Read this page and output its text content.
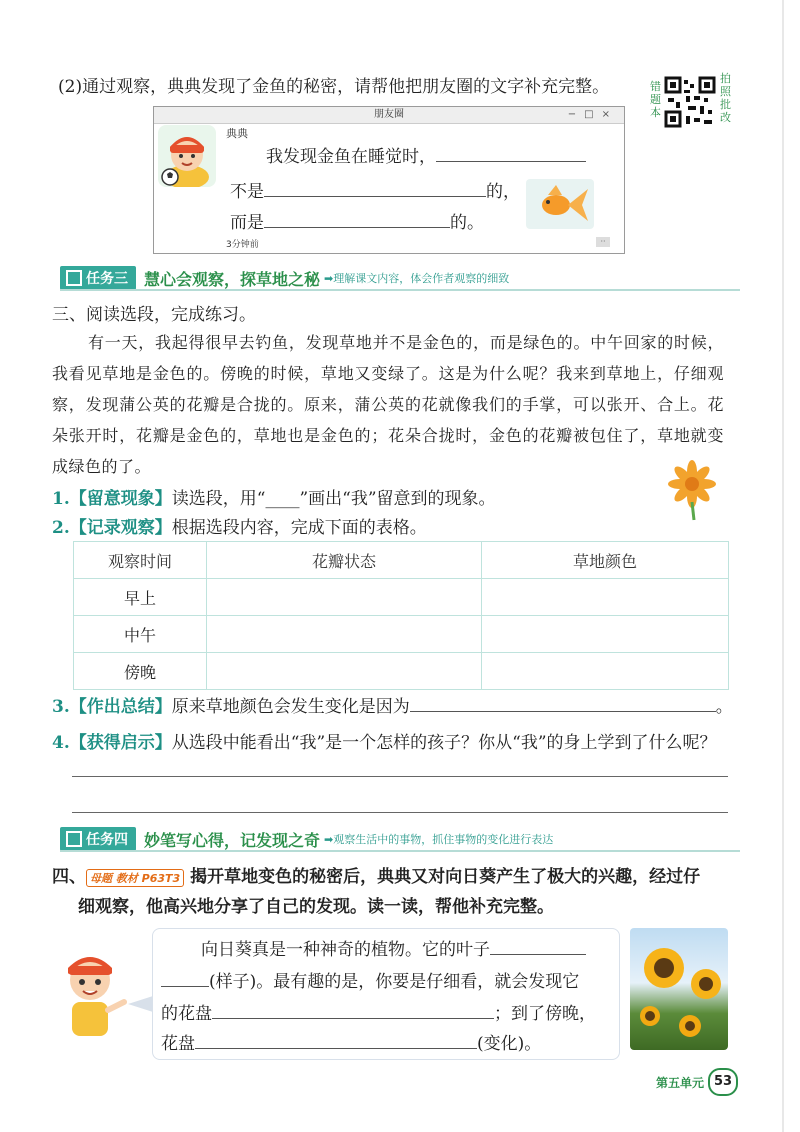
(2)通过观察，典典发现了金鱼的秘密，请帮他把朋友圈的文字补充完整。	错题本
拍照批改
朋友圈	−□×
典典
我发现金鱼在睡觉时，
不是	的，
而是	的。
3分钟前	··
任务三 慧心会观察，探草地之秘 ➡理解课文内容，体会作者观察的细致
三、阅读选段，完成练习。
有一天，我起得很早去钓鱼，发现草地并不是金色的，而是绿色的。中午回家的时候，我看见草地是金色的。傍晚的时候，草地又变绿了。这是为什么呢？我来到草地上，仔细观察，发现蒲公英的花瓣是合拢的。原来，蒲公英的花就像我们的手掌，可以张开、合上。花朵张开时，花瓣是金色的，草地也是金色的；花朵合拢时，金色的花瓣被包住了，草地就变成绿色的了。
1.【留意现象】读选段，用“____”画出“我”留意到的现象。
2.【记录观察】根据选段内容，完成下面的表格。
观察时间	花瓣状态	草地颜色
早上		
中午		
傍晚		
3.【作出总结】原来草地颜色会发生变化是因为	。
4.【获得启示】从选段中能看出“我”是一个怎样的孩子？你从“我”的身上学到了什么呢？
任务四 妙笔写心得，记发现之奇 ➡观察生活中的事物，抓住事物的变化进行表达
四、 母题 教材 P63T3 揭开草地变色的秘密后，典典又对向日葵产生了极大的兴趣，经过仔
细观察，他高兴地分享了自己的发现。读一读，帮他补充完整。
向日葵真是一种神奇的植物。它的叶子
(样子)。最有趣的是，你要是仔细看，就会发现它
的花盘	；到了傍晚，
花盘	(变化)。
第五单元 53
